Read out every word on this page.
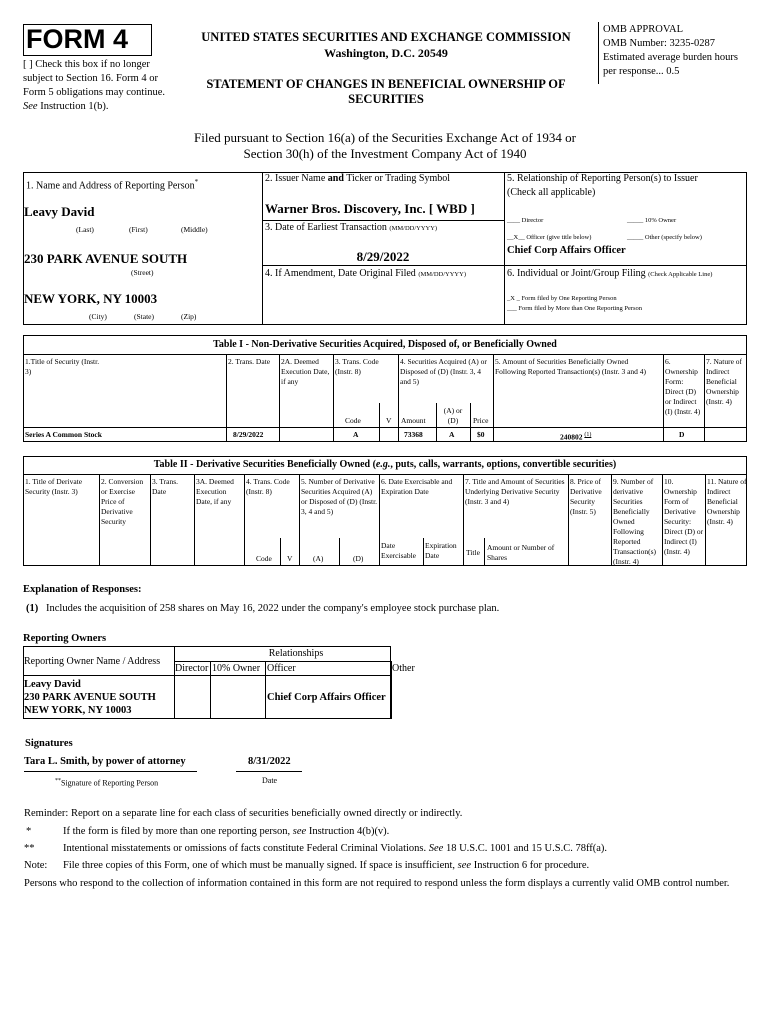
FORM 4
[ ] Check this box if no longer subject to Section 16. Form 4 or Form 5 obligations may continue. See Instruction 1(b).
UNITED STATES SECURITIES AND EXCHANGE COMMISSION
Washington, D.C. 20549
STATEMENT OF CHANGES IN BENEFICIAL OWNERSHIP OF SECURITIES
OMB APPROVAL
OMB Number: 3235-0287
Estimated average burden hours per response... 0.5
Filed pursuant to Section 16(a) of the Securities Exchange Act of 1934 or
Section 30(h) of the Investment Company Act of 1940
1. Name and Address of Reporting Person*
Leavy David
(Last)	(First)	(Middle)
230 PARK AVENUE SOUTH
(Street)
NEW YORK, NY 10003
(City)	(State)	(Zip)
2. Issuer Name and Ticker or Trading Symbol
Warner Bros. Discovery, Inc. [ WBD ]
3. Date of Earliest Transaction (MM/DD/YYYY)
8/29/2022
4. If Amendment, Date Original Filed (MM/DD/YYYY)
5. Relationship of Reporting Person(s) to Issuer
(Check all applicable)
____ Director	_____ 10% Owner
__X__ Officer (give title below)	_____ Other (specify below)
Chief Corp Affairs Officer
6. Individual or Joint/Group Filing (Check Applicable Line)
_X _ Form filed by One Reporting Person
___ Form filed by More than One Reporting Person
Table I - Non-Derivative Securities Acquired, Disposed of, or Beneficially Owned
1.Title of Security (Instr. 3)
2. Trans. Date	2A. Deemed Execution Date, if any
3. Trans. Code (Instr. 8)
4. Securities Acquired (A) or Disposed of (D) (Instr. 3, 4 and 5)
5. Amount of Securities Beneficially Owned Following Reported Transaction(s) (Instr. 3 and 4)
6. Ownership Form: Direct (D) or Indirect (I) (Instr. 4)
7. Nature of Indirect Beneficial Ownership (Instr. 4)
Code	V Amount
(A) or (D)	Price
Series A Common Stock	8/29/2022	A	73368	A	$0	240802 $^{(1)}$	D
Table II - Derivative Securities Beneficially Owned (e.g., puts, calls, warrants, options, convertible securities)
1. Title of Derivate Security (Instr. 3)
2. Conversion or Exercise Price of Derivative Security
3. Trans. Date
3A. Deemed Execution Date, if any
4. Trans. Code (Instr. 8)
5. Number of Derivative Securities Acquired (A) or Disposed of (D) (Instr. 3, 4 and 5)
6. Date Exercisable and Expiration Date
7. Title and Amount of Securities Underlying Derivative Security (Instr. 3 and 4)
8. Price of Derivative Security (Instr. 5)
9. Number of derivative Securities Beneficially Owned Following Reported Transaction(s) (Instr. 4)
10. Ownership Form of Derivative Security: Direct (D) or Indirect (I) (Instr. 4)
11. Nature of Indirect Beneficial Ownership (Instr. 4)
Code V	(A)	(D)
Date Exercisable
Expiration Date	Title
Amount or Number of Shares
Explanation of Responses:
(1) Includes the acquisition of 258 shares on May 16, 2022 under the company's employee stock purchase plan.
Reporting Owners
Reporting Owner Name / Address
Relationships
Director 10% Owner Officer	Other
Leavy David
230 PARK AVENUE SOUTH
NEW YORK, NY 10003
Chief Corp Affairs Officer
Signatures
Tara L. Smith, by power of attorney	8/31/2022
**Signature of Reporting Person	Date
Reminder: Report on a separate line for each class of securities beneficially owned directly or indirectly.
*	If the form is filed by more than one reporting person, see Instruction 4(b)(v).
**	Intentional misstatements or omissions of facts constitute Federal Criminal Violations. See 18 U.S.C. 1001 and 15 U.S.C. 78ff(a).
Note: File three copies of this Form, one of which must be manually signed. If space is insufficient, see Instruction 6 for procedure.
Persons who respond to the collection of information contained in this form are not required to respond unless the form displays a currently valid OMB control number.
